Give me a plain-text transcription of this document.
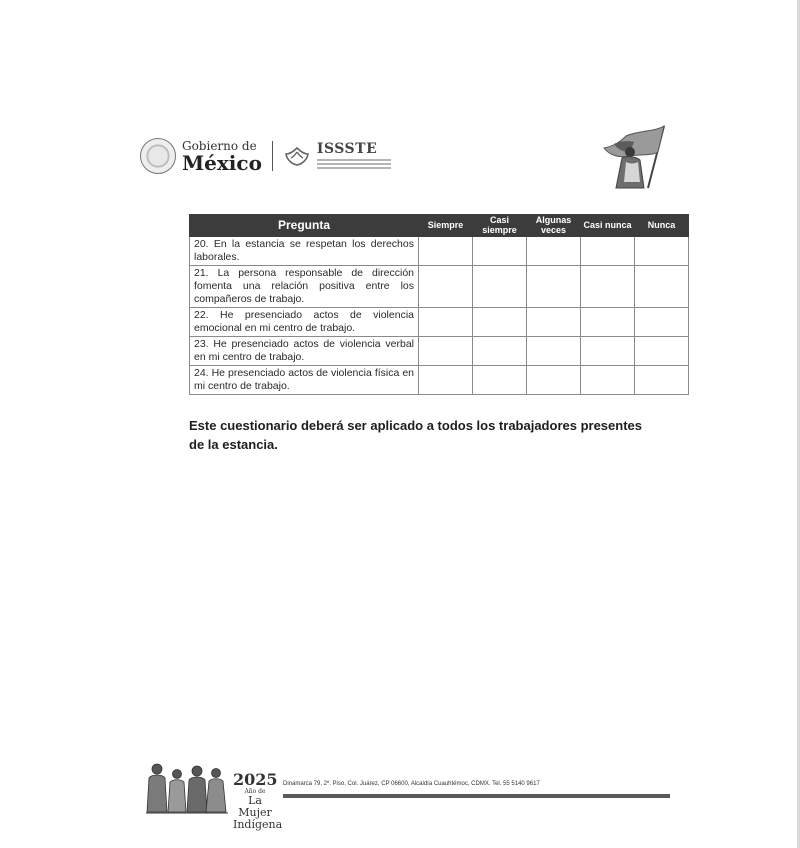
Gobierno de
México
ISSSTE
Pregunta	Siempre	Casi siempre	Algunas veces	Casi nunca	Nunca
20. En la estancia se respetan los derechos laborales.					
21. La persona responsable de dirección fomenta una relación positiva entre los compañeros de trabajo.					
22. He presenciado actos de violencia emocional en mi centro de trabajo.					
23. He presenciado actos de violencia verbal en mi centro de trabajo.					
24. He presenciado actos de violencia física en mi centro de trabajo.					
Este cuestionario deberá ser aplicado a todos los trabajadores presentes de la estancia.
2025
Año de
La Mujer
Indígena
Dinamarca 79, 2º. Piso, Col. Juárez, CP 06600, Alcaldía Cuauhtémoc, CDMX. Tel. 55 5140 9617
